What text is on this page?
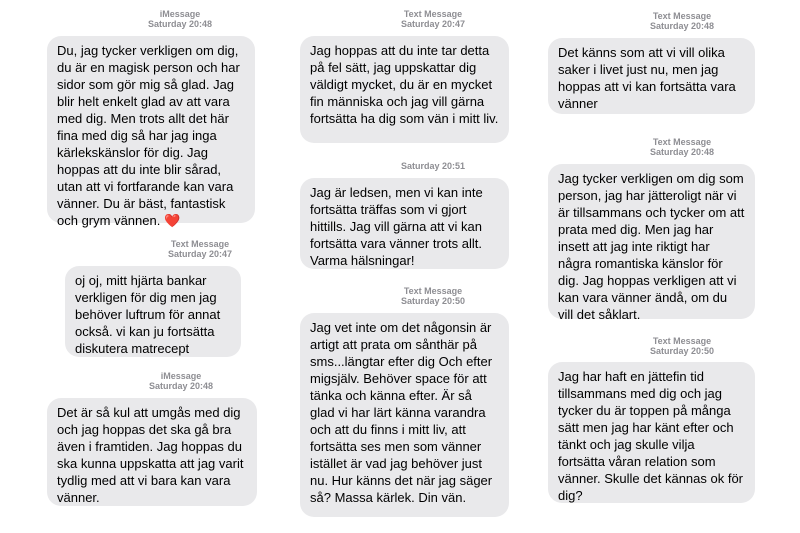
iMessage
Saturday 20:48
Du, jag tycker verkligen om dig, du är en magisk person och har sidor som gör mig så glad. Jag blir helt enkelt glad av att vara med dig. Men trots allt det här fina med dig så har jag inga kärlekskänslor för dig. Jag hoppas att du inte blir sårad, utan att vi fortfarande kan vara vänner. Du är bäst, fantastisk och grym vännen. ❤️
Text Message
Saturday 20:47
oj oj, mitt hjärta bankar verkligen för dig men jag behöver luftrum för annat också. vi kan ju fortsätta diskutera matrecept
iMessage
Saturday 20:48
Det är så kul att umgås med dig och jag hoppas det ska gå bra även i framtiden. Jag hoppas du ska kunna uppskatta att jag varit tydlig med att vi bara kan vara vänner.
Text Message
Saturday 20:47
Jag hoppas att du inte tar detta på fel sätt, jag uppskattar dig väldigt mycket, du är en mycket fin människa och jag vill gärna fortsätta ha dig som vän i mitt liv.
Saturday 20:51
Jag är ledsen, men vi kan inte fortsätta träffas som vi gjort hittills. Jag vill gärna att vi kan fortsätta vara vänner trots allt. Varma hälsningar!
Text Message
Saturday 20:50
Jag vet inte om det någonsin är artigt att prata om sånthär på sms...längtar efter dig Och efter migsjälv. Behöver space för att tänka och känna efter. Är så glad vi har lärt känna varandra och att du finns i mitt liv, att fortsätta ses men som vänner istället är vad jag behöver just nu. Hur känns det när jag säger så? Massa kärlek. Din vän.
Text Message
Saturday 20:48
Det känns som att vi vill olika saker i livet just nu, men jag hoppas att vi kan fortsätta vara vänner
Text Message
Saturday 20:48
Jag tycker verkligen om dig som person, jag har jätteroligt när vi är tillsammans och tycker om att prata med dig. Men jag har insett att jag inte riktigt har några romantiska känslor för dig. Jag hoppas verkligen att vi kan vara vänner ändå, om du vill det såklart.
Text Message
Saturday 20:50
Jag har haft en jättefin tid tillsammans med dig och jag tycker du är toppen på många sätt men jag har känt efter och tänkt och jag skulle vilja fortsätta våran relation som vänner. Skulle det kännas ok för dig?
